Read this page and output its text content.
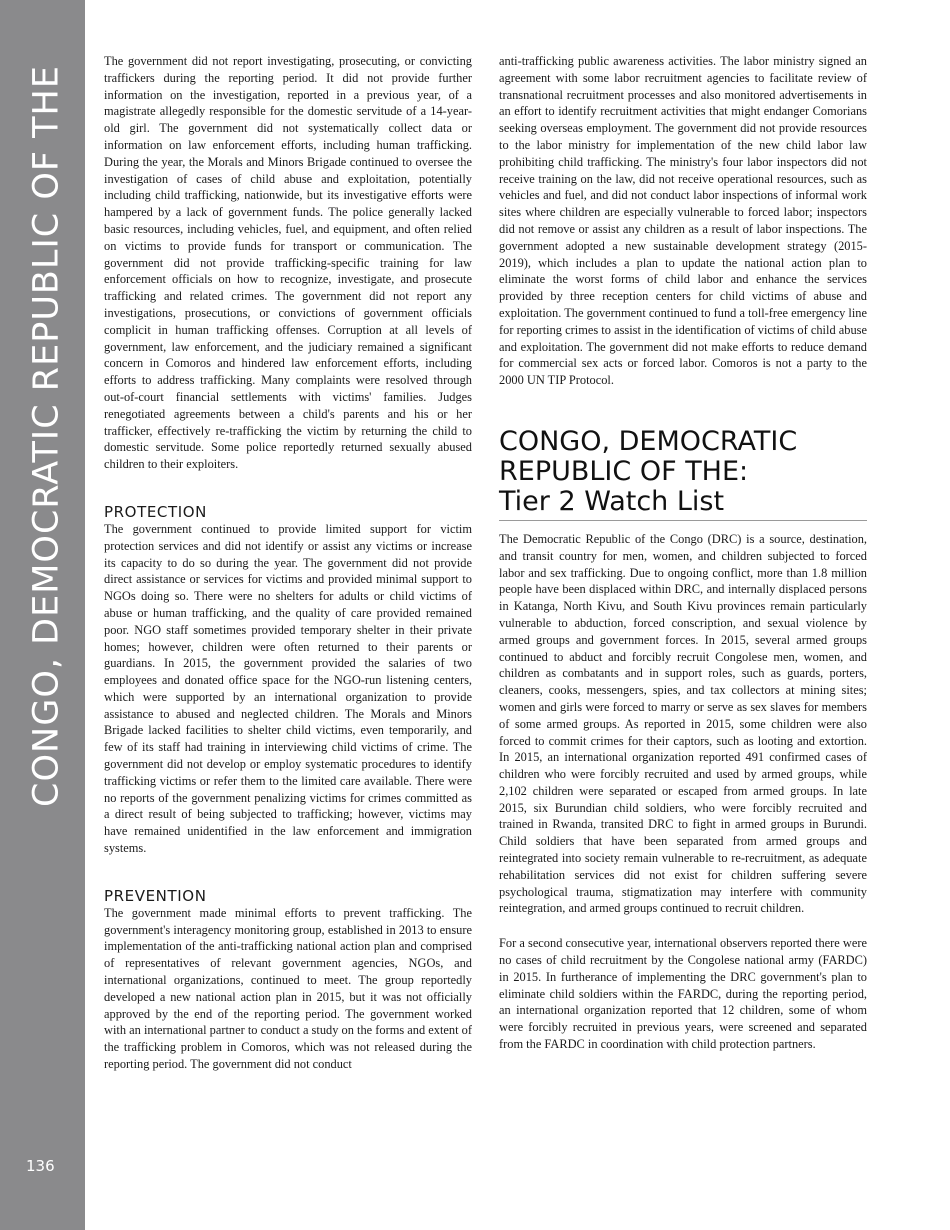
CONGO, DEMOCRATIC REPUBLIC OF THE
136

The government did not report investigating, prosecuting, or convicting traffickers during the reporting period. It did not provide further information on the investigation, reported in a previous year, of a magistrate allegedly responsible for the domestic servitude of a 14-year-old girl. The government did not systematically collect data or information on law enforcement efforts, including human trafficking. During the year, the Morals and Minors Brigade continued to oversee the investigation of cases of child abuse and exploitation, potentially including child trafficking, nationwide, but its investigative efforts were hampered by a lack of government funds. The police generally lacked basic resources, including vehicles, fuel, and equipment, and often relied on victims to provide funds for transport or communication. The government did not provide trafficking-specific training for law enforcement officials on how to recognize, investigate, and prosecute trafficking and related crimes. The government did not report any investigations, prosecutions, or convictions of government officials complicit in human trafficking offenses. Corruption at all levels of government, law enforcement, and the judiciary remained a significant concern in Comoros and hindered law enforcement efforts, including efforts to address trafficking. Many complaints were resolved through out-of-court financial settlements with victims' families. Judges renegotiated agreements between a child's parents and his or her trafficker, effectively re-trafficking the victim by returning the child to domestic servitude. Some police reportedly returned sexually abused children to their exploiters.

PROTECTION

The government continued to provide limited support for victim protection services and did not identify or assist any victims or increase its capacity to do so during the year. The government did not provide direct assistance or services for victims and provided minimal support to NGOs doing so. There were no shelters for adults or child victims of abuse or human trafficking, and the quality of care provided remained poor. NGO staff sometimes provided temporary shelter in their private homes; however, children were often returned to their parents or guardians. In 2015, the government provided the salaries of two employees and donated office space for the NGO-run listening centers, which were supported by an international organization to provide assistance to abused and neglected children. The Morals and Minors Brigade lacked facilities to shelter child victims, even temporarily, and few of its staff had training in interviewing child victims of crime. The government did not develop or employ systematic procedures to identify trafficking victims or refer them to the limited care available. There were no reports of the government penalizing victims for crimes committed as a direct result of being subjected to trafficking; however, victims may have remained unidentified in the law enforcement and immigration systems.

PREVENTION

The government made minimal efforts to prevent trafficking. The government's interagency monitoring group, established in 2013 to ensure implementation of the anti-trafficking national action plan and comprised of representatives of relevant government agencies, NGOs, and international organizations, continued to meet. The group reportedly developed a new national action plan in 2015, but it was not officially approved by the end of the reporting period. The government worked with an international partner to conduct a study on the forms and extent of the trafficking problem in Comoros, which was not released during the reporting period. The government did not conduct

anti-trafficking public awareness activities. The labor ministry signed an agreement with some labor recruitment agencies to facilitate review of transnational recruitment processes and also monitored advertisements in an effort to identify recruitment activities that might endanger Comorians seeking overseas employment. The government did not provide resources to the labor ministry for implementation of the new child labor law prohibiting child trafficking. The ministry's four labor inspectors did not receive training on the law, did not receive operational resources, such as vehicles and fuel, and did not conduct labor inspections of informal work sites where children are especially vulnerable to forced labor; inspectors did not remove or assist any children as a result of labor inspections. The government adopted a new sustainable development strategy (2015-2019), which includes a plan to update the national action plan to eliminate the worst forms of child labor and enhance the services provided by three reception centers for child victims of abuse and exploitation. The government continued to fund a toll-free emergency line for reporting crimes to assist in the identification of victims of child abuse and exploitation. The government did not make efforts to reduce demand for commercial sex acts or forced labor. Comoros is not a party to the 2000 UN TIP Protocol.

CONGO, DEMOCRATIC
REPUBLIC OF THE:
Tier 2 Watch List

The Democratic Republic of the Congo (DRC) is a source, destination, and transit country for men, women, and children subjected to forced labor and sex trafficking. Due to ongoing conflict, more than 1.8 million people have been displaced within DRC, and internally displaced persons in Katanga, North Kivu, and South Kivu provinces remain particularly vulnerable to abduction, forced conscription, and sexual violence by armed groups and government forces. In 2015, several armed groups continued to abduct and forcibly recruit Congolese men, women, and children as combatants and in support roles, such as guards, porters, cleaners, cooks, messengers, spies, and tax collectors at mining sites; women and girls were forced to marry or serve as sex slaves for members of some armed groups. As reported in 2015, some children were also forced to commit crimes for their captors, such as looting and extortion. In 2015, an international organization reported 491 confirmed cases of children who were forcibly recruited and used by armed groups, while 2,102 children were separated or escaped from armed groups. In late 2015, six Burundian child soldiers, who were forcibly recruited and trained in Rwanda, transited DRC to fight in armed groups in Burundi. Child soldiers that have been separated from armed groups and reintegrated into society remain vulnerable to re-recruitment, as adequate rehabilitation services did not exist for children suffering severe psychological trauma, stigmatization may interfere with community reintegration, and armed groups continued to recruit children.

For a second consecutive year, international observers reported there were no cases of child recruitment by the Congolese national army (FARDC) in 2015. In furtherance of implementing the DRC government's plan to eliminate child soldiers within the FARDC, during the reporting period, an international organization reported that 12 children, some of whom were forcibly recruited in previous years, were screened and separated from the FARDC in coordination with child protection partners.
